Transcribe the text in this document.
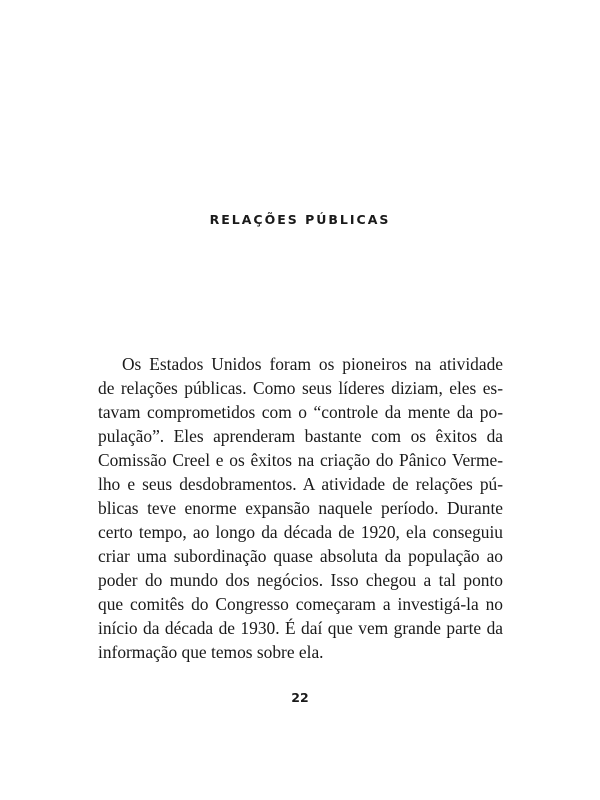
RELAÇÕES PÚBLICAS
Os Estados Unidos foram os pioneiros na atividade
de relações públicas. Como seus líderes diziam, eles es-
tavam comprometidos com o “controle da mente da po-
pulação”. Eles aprenderam bastante com os êxitos da
Comissão Creel e os êxitos na criação do Pânico Verme-
lho e seus desdobramentos. A atividade de relações pú-
blicas teve enorme expansão naquele período. Durante
certo tempo, ao longo da década de 1920, ela conseguiu
criar uma subordinação quase absoluta da população ao
poder do mundo dos negócios. Isso chegou a tal ponto
que comitês do Congresso começaram a investigá-la no
início da década de 1930. É daí que vem grande parte da
informação que temos sobre ela.
22
